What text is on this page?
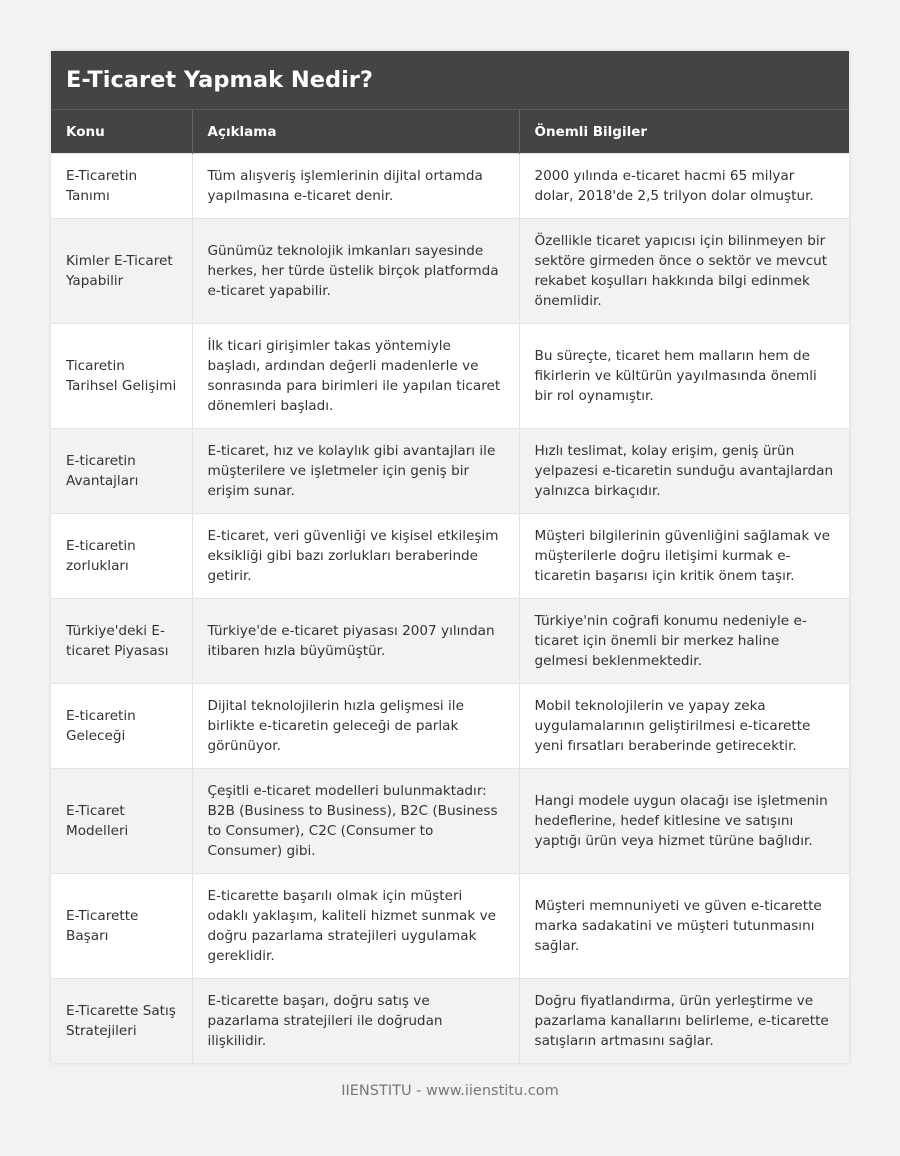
E-Ticaret Yapmak Nedir?
Konu	Açıklama	Önemli Bilgiler
E-Ticaretin Tanımı	Tüm alışveriş işlemlerinin dijital ortamda yapılmasına e-ticaret denir.	2000 yılında e-ticaret hacmi 65 milyar dolar, 2018'de 2,5 trilyon dolar olmuştur.
Kimler E-Ticaret Yapabilir	Günümüz teknolojik imkanları sayesinde herkes, her türde üstelik birçok platformda e-ticaret yapabilir.	Özellikle ticaret yapıcısı için bilinmeyen bir sektöre girmeden önce o sektör ve mevcut rekabet koşulları hakkında bilgi edinmek önemlidir.
Ticaretin Tarihsel Gelişimi	İlk ticari girişimler takas yöntemiyle başladı, ardından değerli madenlerle ve sonrasında para birimleri ile yapılan ticaret dönemleri başladı.	Bu süreçte, ticaret hem malların hem de fikirlerin ve kültürün yayılmasında önemli bir rol oynamıştır.
E-ticaretin Avantajları	E-ticaret, hız ve kolaylık gibi avantajları ile müşterilere ve işletmeler için geniş bir erişim sunar.	Hızlı teslimat, kolay erişim, geniş ürün yelpazesi e-ticaretin sunduğu avantajlardan yalnızca birkaçıdır.
E-ticaretin zorlukları	E-ticaret, veri güvenliği ve kişisel etkileşim eksikliği gibi bazı zorlukları beraberinde getirir.	Müşteri bilgilerinin güvenliğini sağlamak ve müşterilerle doğru iletişimi kurmak e-ticaretin başarısı için kritik önem taşır.
Türkiye'deki E-ticaret Piyasası	Türkiye'de e-ticaret piyasası 2007 yılından itibaren hızla büyümüştür.	Türkiye'nin coğrafi konumu nedeniyle e-ticaret için önemli bir merkez haline gelmesi beklenmektedir.
E-ticaretin Geleceği	Dijital teknolojilerin hızla gelişmesi ile birlikte e-ticaretin geleceği de parlak görünüyor.	Mobil teknolojilerin ve yapay zeka uygulamalarının geliştirilmesi e-ticarette yeni fırsatları beraberinde getirecektir.
E-Ticaret Modelleri	Çeşitli e-ticaret modelleri bulunmaktadır: B2B (Business to Business), B2C (Business to Consumer), C2C (Consumer to Consumer) gibi.	Hangi modele uygun olacağı ise işletmenin hedeflerine, hedef kitlesine ve satışını yaptığı ürün veya hizmet türüne bağlıdır.
E-Ticarette Başarı	E-ticarette başarılı olmak için müşteri odaklı yaklaşım, kaliteli hizmet sunmak ve doğru pazarlama stratejileri uygulamak gereklidir.	Müşteri memnuniyeti ve güven e-ticarette marka sadakatini ve müşteri tutunmasını sağlar.
E-Ticarette Satış Stratejileri	E-ticarette başarı, doğru satış ve pazarlama stratejileri ile doğrudan ilişkilidir.	Doğru fiyatlandırma, ürün yerleştirme ve pazarlama kanallarını belirleme, e-ticarette satışların artmasını sağlar.
IIENSTITU - www.iienstitu.com
